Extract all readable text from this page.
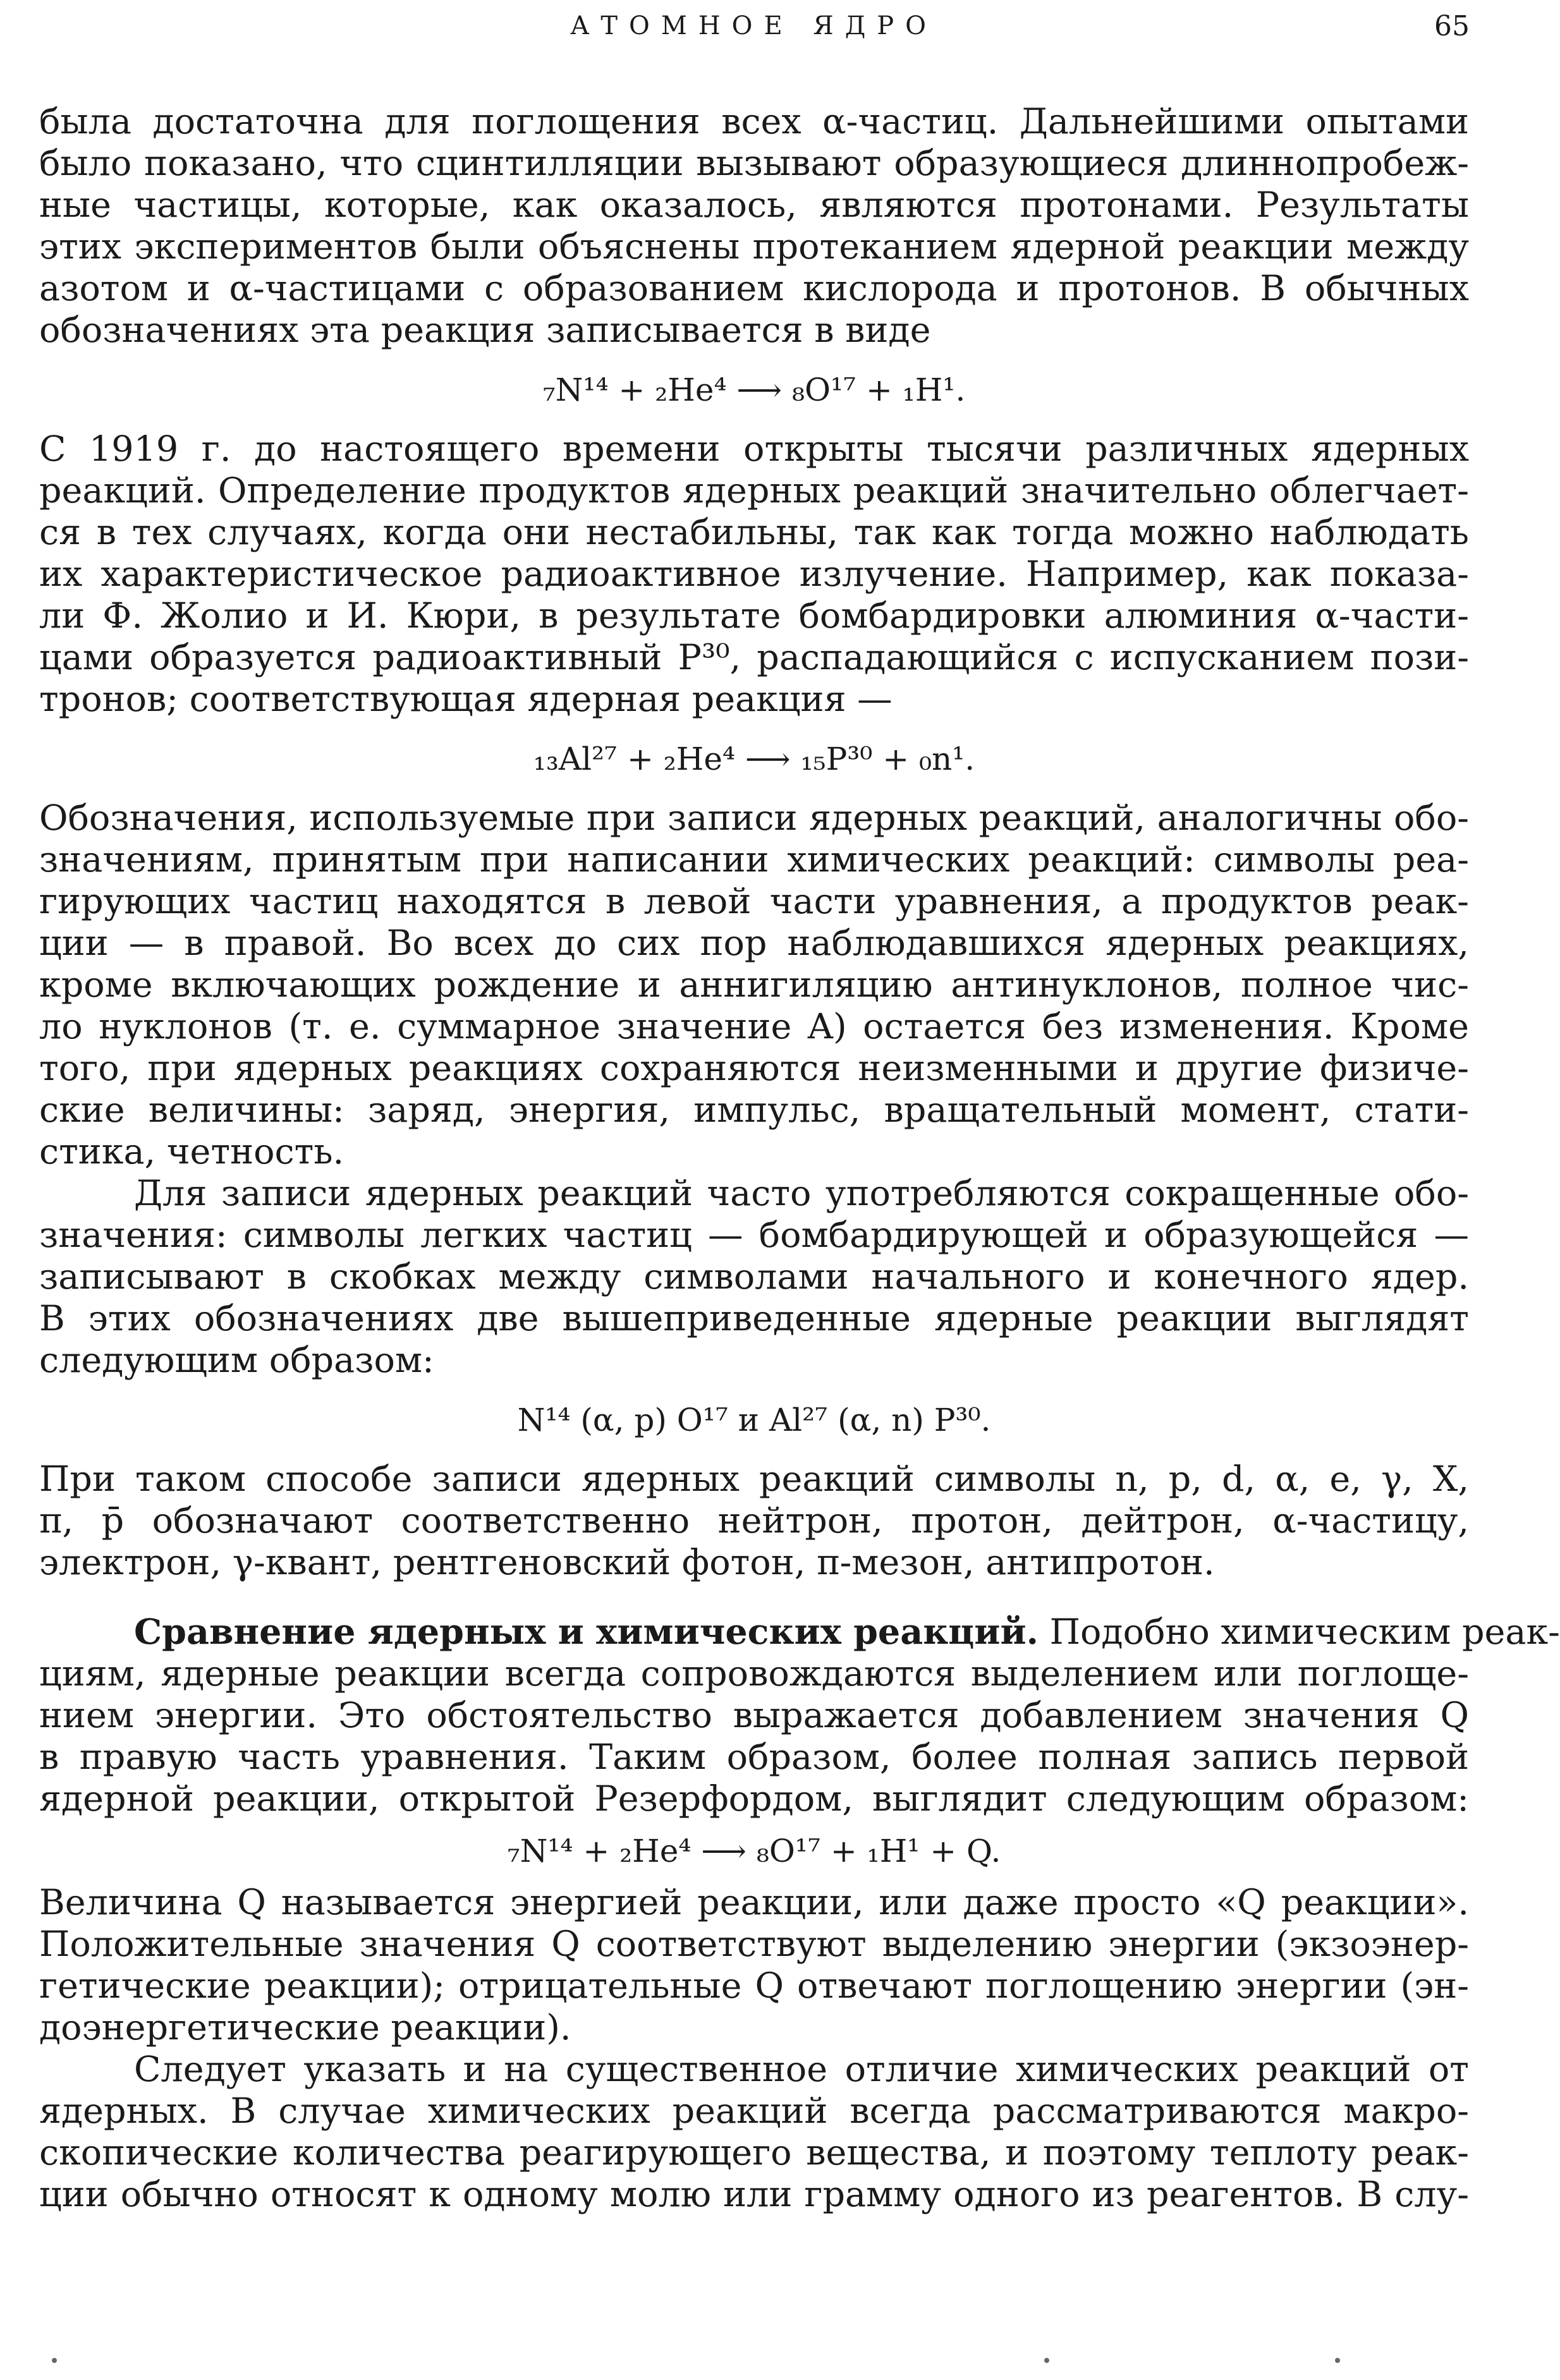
АТОМНОЕ ЯДРО	65
была достаточна для поглощения всех α-частиц. Дальнейшими опытами
было показано, что сцинтилляции вызывают образующиеся длиннопробеж-
ные частицы, которые, как оказалось, являются протонами. Результаты
этих экспериментов были объяснены протеканием ядерной реакции между
азотом и α-частицами с образованием кислорода и протонов. В обычных
обозначениях эта реакция записывается в виде
₇N¹⁴ + ₂He⁴ ⟶ ₈O¹⁷ + ₁H¹.
С 1919 г. до настоящего времени открыты тысячи различных ядерных
реакций. Определение продуктов ядерных реакций значительно облегчает-
ся в тех случаях, когда они нестабильны, так как тогда можно наблюдать
их характеристическое радиоактивное излучение. Например, как показа-
ли Ф. Жолио и И. Кюри, в результате бомбардировки алюминия α-части-
цами образуется радиоактивный P³⁰, распадающийся с испусканием пози-
тронов; соответствующая ядерная реакция —
₁₃Al²⁷ + ₂He⁴ ⟶ ₁₅P³⁰ + ₀n¹.
Обозначения, используемые при записи ядерных реакций, аналогичны обо-
значениям, принятым при написании химических реакций: символы реа-
гирующих частиц находятся в левой части уравнения, а продуктов реак-
ции — в правой. Во всех до сих пор наблюдавшихся ядерных реакциях,
кроме включающих рождение и аннигиляцию антинуклонов, полное чис-
ло нуклонов (т. е. суммарное значение A) остается без изменения. Кроме
того, при ядерных реакциях сохраняются неизменными и другие физиче-
ские величины: заряд, энергия, импульс, вращательный момент, стати-
стика, четность.
Для записи ядерных реакций часто употребляются сокращенные обо-
значения: символы легких частиц — бомбардирующей и образующейся —
записывают в скобках между символами начального и конечного ядер.
В этих обозначениях две вышеприведенные ядерные реакции выглядят
следующим образом:
N¹⁴ (α, p) O¹⁷ и Al²⁷ (α, n) P³⁰.
При таком способе записи ядерных реакций символы n, p, d, α, e, γ, X,
π, p̄ обозначают соответственно нейтрон, протон, дейтрон, α-частицу,
электрон, γ-квант, рентгеновский фотон, π-мезон, антипротон.
Сравнение ядерных и химических реакций. Подобно химическим реак-
циям, ядерные реакции всегда сопровождаются выделением или поглоще-
нием энергии. Это обстоятельство выражается добавлением значения Q
в правую часть уравнения. Таким образом, более полная запись первой
ядерной реакции, открытой Резерфордом, выглядит следующим образом:
₇N¹⁴ + ₂He⁴ ⟶ ₈O¹⁷ + ₁H¹ + Q.
Величина Q называется энергией реакции, или даже просто «Q реакции».
Положительные значения Q соответствуют выделению энергии (экзоэнер-
гетические реакции); отрицательные Q отвечают поглощению энергии (эн-
доэнергетические реакции).
Следует указать и на существенное отличие химических реакций от
ядерных. В случае химических реакций всегда рассматриваются макро-
скопические количества реагирующего вещества, и поэтому теплоту реак-
ции обычно относят к одному молю или грамму одного из реагентов. В слу-
